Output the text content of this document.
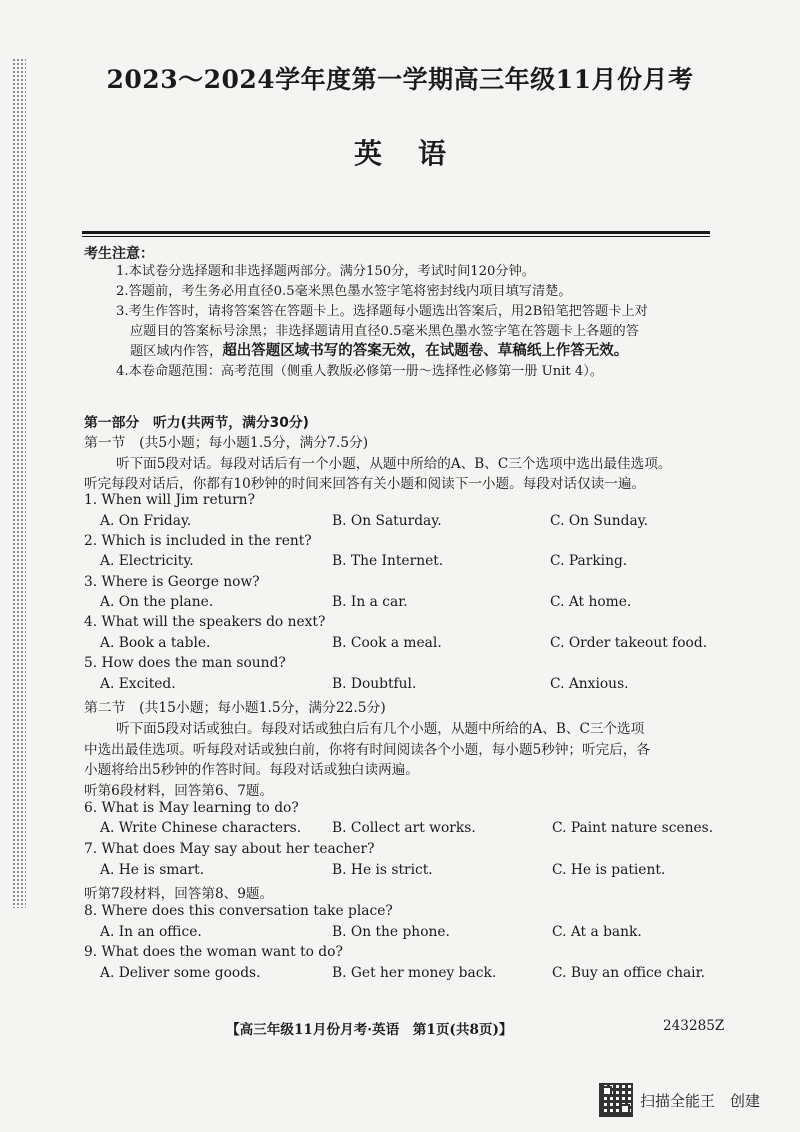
2023～2024学年度第一学期高三年级11月份月考
英语
考生注意：
1.本试卷分选择题和非选择题两部分。满分150分，考试时间120分钟。
2.答题前，考生务必用直径0.5毫米黑色墨水签字笔将密封线内项目填写清楚。
3.考生作答时，请将答案答在答题卡上。选择题每小题选出答案后，用2B铅笔把答题卡上对
应题目的答案标号涂黑；非选择题请用直径0.5毫米黑色墨水签字笔在答题卡上各题的答
题区域内作答，超出答题区域书写的答案无效，在试题卷、草稿纸上作答无效。
4.本卷命题范围：高考范围（侧重人教版必修第一册～选择性必修第一册 Unit 4）。
第一部分　听力(共两节，满分30分)
第一节　(共5小题；每小题1.5分，满分7.5分)
听下面5段对话。每段对话后有一个小题，从题中所给的A、B、C三个选项中选出最佳选项。
听完每段对话后，你都有10秒钟的时间来回答有关小题和阅读下一小题。每段对话仅读一遍。
1. When will Jim return?
A. On Friday.	B. On Saturday.	C. On Sunday.
2. Which is included in the rent?
A. Electricity.	B. The Internet.	C. Parking.
3. Where is George now?
A. On the plane.	B. In a car.	C. At home.
4. What will the speakers do next?
A. Book a table.	B. Cook a meal.	C. Order takeout food.
5. How does the man sound?
A. Excited.	B. Doubtful.	C. Anxious.
第二节　(共15小题；每小题1.5分，满分22.5分)
听下面5段对话或独白。每段对话或独白后有几个小题，从题中所给的A、B、C三个选项
中选出最佳选项。听每段对话或独白前，你将有时间阅读各个小题，每小题5秒钟；听完后，各
小题将给出5秒钟的作答时间。每段对话或独白读两遍。
听第6段材料，回答第6、7题。
6. What is May learning to do?
A. Write Chinese characters. B. Collect art works.	C. Paint nature scenes.
7. What does May say about her teacher?
A. He is smart.	B. He is strict.	C. He is patient.
听第7段材料，回答第8、9题。
8. Where does this conversation take place?
A. In an office.	B. On the phone.	C. At a bank.
9. What does the woman want to do?
A. Deliver some goods.	B. Get her money back.	C. Buy an office chair.
【高三年级11月份月考·英语　第1页(共8页)】	243285Z
扫描全能王　创建
